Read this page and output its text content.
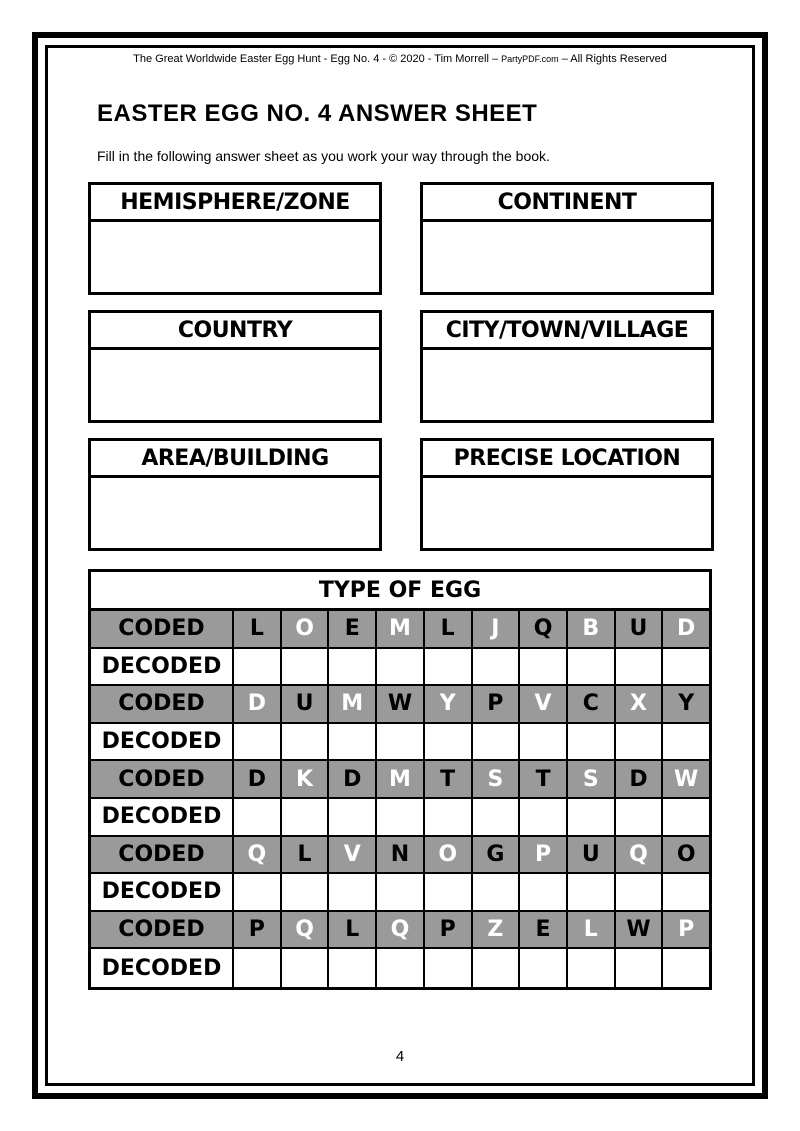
The Great Worldwide Easter Egg Hunt - Egg No. 4 - © 2020 - Tim Morrell – PartyPDF.com – All Rights Reserved
EASTER EGG NO. 4 ANSWER SHEET
Fill in the following answer sheet as you work your way through the book.
HEMISPHERE/ZONE	CONTINENT
COUNTRY	CITY/TOWN/VILLAGE
AREA/BUILDING	PRECISE LOCATION
TYPE OF EGG
CODED	L	O	E	M	L	J	Q	B	U	D
DECODED
CODED	D	U	M	W	Y	P	V	C	X	Y
DECODED
CODED	D	K	D	M	T	S	T	S	D	W
DECODED
CODED	Q	L	V	N	O	G	P	U	Q	O
DECODED
CODED	P	Q	L	Q	P	Z	E	L	W	P
DECODED
4
